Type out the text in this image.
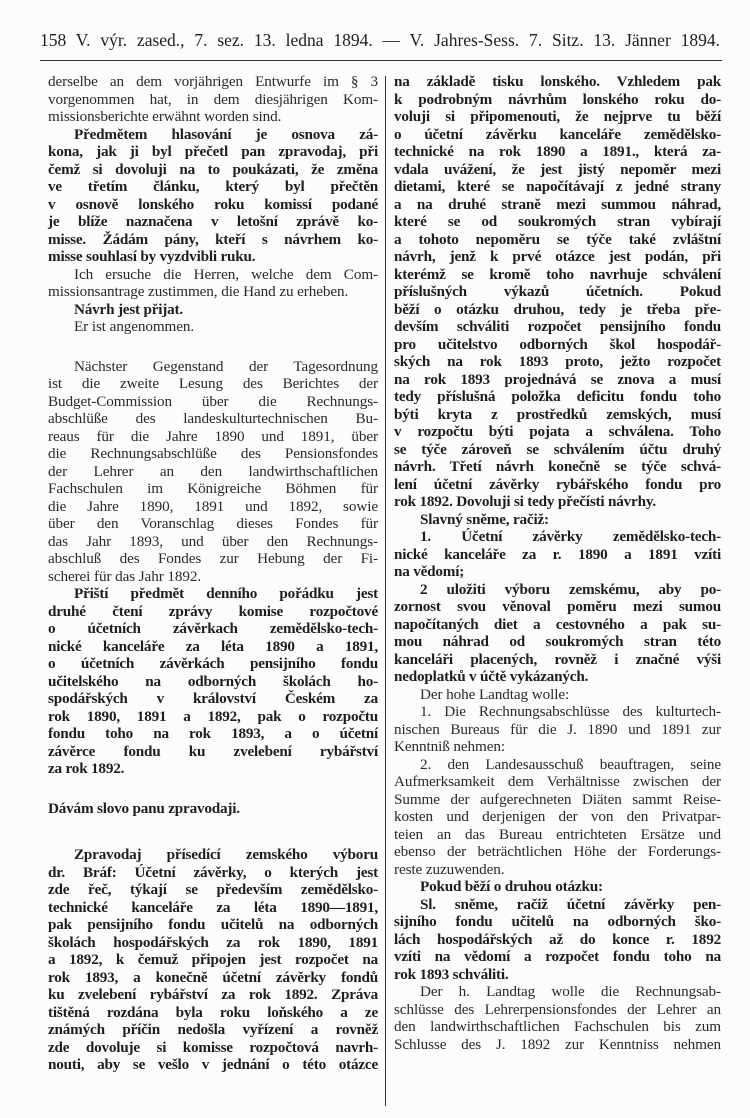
158 V. výr. zased., 7. sez. 13. ledna 1894. — V. Jahres-Sess. 7. Sitz. 13. Jänner 1894.
derselbe an dem vorjährigen Entwurfe im § 3
vorgenommen hat, in dem diesjährigen Kom-
missionsberichte erwähnt worden sind.
Předmětem hlasování je osnova zá-
kona, jak ji byl přečetl pan zpravodaj, při
čemž si dovoluji na to poukázati, že změna
ve třetím článku, který byl přečtěn
v osnově lonského roku komissí podané
je blíže naznačena v letošní zprávě ko-
misse. Žádám pány, kteří s návrhem ko-
misse souhlasí by vyzdvibli ruku.
Ich ersuche die Herren, welche dem Com-
missionsantrage zustimmen, die Hand zu erheben.
Návrh jest přijat.
Er ist angenommen.
Nächster Gegenstand der Tagesordnung
ist die zweite Lesung des Berichtes der
Budget-Commission über die Rechnungs-
abschlüße des landeskulturtechnischen Bu-
reaus für die Jahre 1890 und 1891, über
die Rechnungsabschlüße des Pensionsfondes
der Lehrer an den landwirthschaftlichen
Fachschulen im Königreiche Böhmen für
die Jahre 1890, 1891 und 1892, sowie
über den Voranschlag dieses Fondes für
das Jahr 1893, und über den Rechnungs-
abschluß des Fondes zur Hebung der Fi-
scherei für das Jahr 1892.
Přiští předmět denního pořádku jest
druhé čtení zprávy komise rozpočtové
o účetních závěrkach zemědělsko-tech-
nické kanceláře za léta 1890 a 1891,
o účetních závěrkách pensijního fondu
učitelského na odborných školách ho-
spodářských v království Českém za
rok 1890, 1891 a 1892, pak o rozpočtu
fondu toho na rok 1893, a o účetní
závěrce fondu ku zvelebení rybářství
za rok 1892.
Dávám slovo panu zpravodaji.
Zpravodaj přísedící zemského výboru
dr. Bráf: Účetní závěrky, o kterých jest
zde řeč, týkají se především zemědělsko-
technické kanceláře za léta 1890—1891,
pak pensijního fondu učitelů na odborných
školách hospodářských za rok 1890, 1891
a 1892, k čemuž připojen jest rozpočet na
rok 1893, a konečně účetní závěrky fondů
ku zvelebení rybářství za rok 1892. Zpráva
tištěná rozdána byla roku loňského a ze
známých příčin nedošla vyřízení a rovněž
zde dovoluje si komisse rozpočtová navrh-
nouti, aby se vešlo v jednání o této otázce
na základě tisku lonského. Vzhledem pak
k podrobným návrhům lonského roku do-
voluji si připomenouti, že nejprve tu běží
o účetní závěrku kanceláře zemědělsko-
technické na rok 1890 a 1891., která za-
vdala uvážení, že jest jistý nepoměr mezi
dietami, které se napočítávají z jedné strany
a na druhé straně mezi summou náhrad,
které se od soukromých stran vybírají
a tohoto nepoměru se týče také zvláštní
návrh, jenž k prvé otázce jest podán, při
kterémž se kromě toho navrhuje schválení
příslušných výkazů účetních. Pokud
běží o otázku druhou, tedy je třeba pře-
devším schváliti rozpočet pensijního fondu
pro učitelstvo odborných škol hospodář-
ských na rok 1893 proto, ježto rozpočet
na rok 1893 projednává se znova a musí
tedy příslušná položka deficitu fondu toho
býti kryta z prostředků zemských, musí
v rozpočtu býti pojata a schválena. Toho
se týče zároveň se schválením účtu druhý
návrh. Třetí návrh konečně se týče schvá-
lení účetní závěrky rybářského fondu pro
rok 1892. Dovoluji si tedy přečísti návrhy.
Slavný sněme, račiž:
1. Účetní závěrky zemědělsko-tech-
nické kanceláře za r. 1890 a 1891 vzíti
na vědomí;
2 uložiti výboru zemskému, aby po-
zornost svou věnoval poměru mezi sumou
napočítaných diet a cestovného a pak su-
mou náhrad od soukromých stran této
kanceláři placených, rovněž i značné výši
nedoplatků v účtě vykázaných.
Der hohe Landtag wolle:
1. Die Rechnungsabschlüsse des kulturtech-
nischen Bureaus für die J. 1890 und 1891 zur
Kenntniß nehmen:
2. den Landesausschuß beauftragen, seine
Aufmerksamkeit dem Verhältnisse zwischen der
Summe der aufgerechneten Diäten sammt Reise-
kosten und derjenigen der von den Privatpar-
teien an das Bureau entrichteten Ersätze und
ebenso der beträchtlichen Höhe der Forderungs-
reste zuzuwenden.
Pokud běží o druhou otázku:
Sl. sněme, račiž účetní závěrky pen-
sijního fondu učitelů na odborných ško-
lách hospodářských až do konce r. 1892
vzíti na vědomí a rozpočet fondu toho na
rok 1893 schváliti.
Der h. Landtag wolle die Rechnungsab-
schlüsse des Lehrerpensionsfondes der Lehrer an
den landwirthschaftlichen Fachschulen bis zum
Schlusse des J. 1892 zur Kenntniss nehmen
